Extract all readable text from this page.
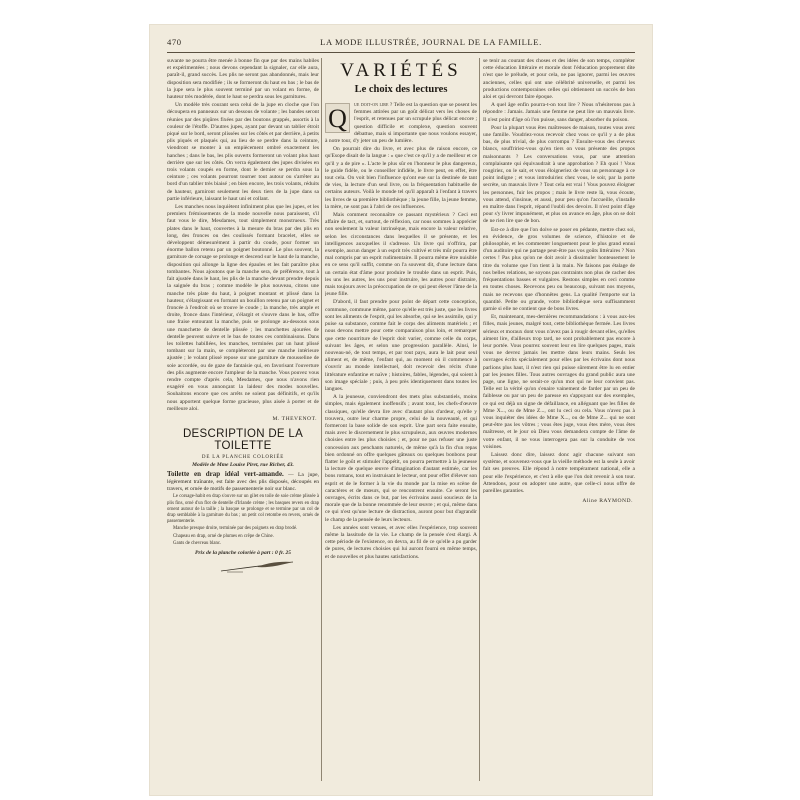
470	LA MODE ILLUSTRÉE, JOURNAL DE LA FAMILLE.

suvante ne pourra être menée à bonne fin que par des mains habiles et expérimentées ; nous devons cependant la signaler, car elle aura, paraît-il, grand succès. Les plis ne seront pas abandonnés, mais leur disposition sera modifiée ; ils se formeront du haut en bas ; le bas de la jupe sera le plus souvent terminé par un volant en forme, de hauteur très modérée, dont le haut se perdra sous les garnitures.

Un modèle très courant sera celui de la jupe en cloche que l'on découpera en panneaux sur un dessous de volante ; les bandes seront réunies par des piqûres fixées par des boutons grappés, assortis à la couleur de l'étoffe. D'autres jupes, ayant par devant un tablier étroit piqué sur le bord, seront plissées sur les côtés et par derrière, à petits plis piqués et plaqués qui, au lieu de se perdre dans la ceinture, viendront se monter à un empiècement ombré exactement les hanches ; dans le bas, les plis ouverts formeront un volant plus haut derrière que sur les côtés. On verra également des jupes divisées en trois volants coupés en forme, dont le dernier se perdra sous la ceinture ; ces volants pourront tourner tout autour ou s'arrêter au bord d'un tablier très biaisé ; en bien encore, les trois volants, réduits de hauteur, garniront seulement les deux tiers de la jupe dans sa partie inférieure, laissant le haut uni et collant.

Les manches nous inquiètent infiniment plus que les jupes, et les premiers frémissements de la mode nouvelle nous paraissent, s'il faut vous le dire, Mesdames, tout simplement monstrueux. Très plates dans le haut, couvertes à la mesure du bras par des plis en long, des fronces ou des coulissés formant bracelet, elles se développent démesurément à partir du coude, pour former un énorme ballon retenu par un poignet boutonné. Le plus souvent, la garniture de corsage se prolonge et descend sur le haut de la manche, disposition qui allonge la ligne des épaules et les fait paraître plus tombantes. Nous ajoutons que la manche sera, de préférence, tout à fait ajustée dans le haut, les plis de la manche devant prendre depuis la saignée du bras ; comme modèle le plus nouveau, citons une manche très plate du haut, à poignet montant et plissé dans la hauteur, s'élargissant en formant un bouillon retenu par un poignet et froncée à l'endroit où se trouve le coude ; la manche, très ample et droite, fronce dans l'intérieur, s'élargit et s'ouvre dans le bas, offre une fraise entourant la manche, puis se prolonge au-dessous sous une manchette de dentelle plissée ; les manchettes ajourées de dentelle peuvent suivre et le bas de toutes ces combinaisons. Dans les toilettes habillées, les manches, terminées par un haut plissé tombant sur la main, se compléteront par une manche intérieure ajustée ; le volant plissé repose sur une garniture de mousseline de soie accordée, ou de gaze de fantaisie qui, en favorisant l'ouverture des plis augmente encore l'ampleur de la manche. Vous pouvez vous rendre compte d'après cela, Mesdames, que nous n'avons rien exagéré en vous annonçant la laideur des modes nouvelles. Souhaitons encore que ces arrêts ne soient pas définitifs, et qu'ils nous apportent quelque forme gracieuse, plus aisée à porter et de meilleure aloi.

M. THEVENOT.
DESCRIPTION DE LA TOILETTE
DE LA PLANCHE COLORIÉE
Modèle de Mme Louise Piret, rue Richer, 43.

Toilette en drap idéal vert-amande. — La jupe, légèrement traînante, est faite avec des plis disposés, découpés en travers, et ornée de motifs de passementerie noir sur blanc.

Le corsage-habit en drap s'ouvre sur un gilet en toile de soie crème plissée à plis fins, orné d'un flot de dentelle d'Irlande crème ; les basques revers en drap ornent autour de la taille ; la basque se prolonge et se termine par un col de drap semblable à la garniture du bas ; un petit col retombe en revers, ornés de passementerie.

Manche presque droite, terminée par des poignets en drap brodé.

Chapeau en drap, orné de plumes en crêpe de Chine.

Gants de chevreau blanc.

Prix de la planche coloriée à part : 0 fr. 25
VARIÉTÉS
Le choix des lectures
Q	ue doit-on lire ? Telle est la question que se posent les femmes attirées par un goût délicat vers les choses de l'esprit, et retenues par un scrupule plus délicat encore ; question difficile et complexe, question souvent débattue, mais si importante que nous voulons essayer, à notre tour, d'y jeter un peu de lumière.

On pourrait dire du livre, et avec plus de raison encore, ce qu'Esope disait de la langue : « que c'est ce qu'il y a de meilleur et ce qu'il y a de pire ». L'acte le plus sûr en l'honneur le plus dangereux, le guide fidèle, ou le conseiller infidèle, le livre peut, en effet, être tout cela. On voit bien l'influence qu'ont eue sur la destinée de tant de vies, la lecture d'un seul livre, ou la fréquentation habituelle de certains auteurs. Voilà le monde tel qu'il apparaît à l'enfant à travers les livres de sa première bibliothèque ; la jeune fille, la jeune femme, la mère, ne sont pas à l'abri de ces influences.

Mais comment reconnaître ce passant mystérieux ? Ceci est affaire de tact, et, surtout, de réflexion, car nous sommes à apprécier non seulement la valeur intrinsèque, mais encore la valeur relative, selon les circonstances dans lesquelles il se présente, et les intelligences auxquelles il s'adresse. Un livre qui n'offrira, par exemple, aucun danger à un esprit très cultivé et très mûr pourra être mal compris par un esprit rudimentaire. Il pourra même être nuisible en ce sens qu'il suffit, comme on l'a souvent dit, d'une lecture dans un certain état d'âme pour produire le trouble dans un esprit. Puis, les uns les autres, les uns pour instruire, les autres pour distraire, mais toujours avec la préoccupation de ce qui peut élever l'âme de la jeune fille.

D'abord, il faut prendre pour point de départ cette conception, commune, commune même, parce qu'elle est très juste, que les livres sont les aliments de l'esprit, qui les absorbe, qui se les assimile, qui y puise sa substance, comme fait le corps des aliments matériels ; et nous devons mettre pour cette comparaison plus loin, et remarquer que cette nourriture de l'esprit doit varier, comme celle du corps, suivant les âges, et selon une progression parallèle. Ainsi, le nouveau-né, de tout temps, et par tout pays, aura le lait pour seul aliment et, de même, l'enfant qui, au moment où il commence à s'ouvrir au monde intellectuel, doit recevoir des récits d'une littérature enfantine et naïve ; histoires, fables, légendes, qui soient à son image spéciale ; puis, à peu près identiquement dans toutes les langues.

A la jeunesse, conviendront des mets plus substantiels, moins simples, mais également inoffensifs ; avant tout, les chefs-d'œuvre classiques, qu'elle devra lire avec d'autant plus d'ardeur, qu'elle y trouvera, outre leur charme propre, celui de la nouveauté, et qui formeront la base solide de son esprit. Une part sera faite ensuite, mais avec le discernement le plus scrupuleux, aux œuvres modernes choisies entre les plus choisies ; et, pour ne pas refuser une juste concession aux penchants naturels, de même qu'à la fin d'un repas bien ordonné on offre quelques gâteaux ou quelques bonbons pour flatter le goût et stimuler l'appétit, on pourra permettre à la jeunesse la lecture de quelque œuvre d'imagination d'autant estimée, car les bons romans, tout en instruisant le lecteur, ont pour effet d'élever son esprit et de le former à la vie du monde par la mise en scène de caractères et de mœurs, qui se rencontrent ensuite. Ce seront les ouvrages, écrits dans ce but, par les écrivains aussi soucieux de la morale que de la bonne renommée de leur œuvre ; et qui, même dans ce qui n'est qu'une lecture de distraction, auront pour but d'agrandir le champ de la pensée de leurs lecteurs.

Les années sont venues, et avec elles l'expérience, trop souvent même la lassitude de la vie. Le champ de la pensée s'est élargi. A cette période de l'existence, on devra, au fil de ce qu'elle a pu garder de pures, de lectures choisies qui lui auront fourni en même temps, et de nouvelles et plus hautes satisfactions.

se tenir au courant des choses et des idées de son temps, compléter cette éducation littéraire et morale dont l'éducation proprement dite n'est que le prélude, et pour cela, ne pas ignorer, parmi les œuvres anciennes, celles qui ont une célébrité universelle, et parmi les productions contemporaines celles qui obtiennent un succès de bon aloi et qui devront faire époque.

A quel âge enfin pourra-t-on tout lire ? Nous n'hésiterons pas à répondre : Jamais. Jamais une femme ne peut lire un mauvais livre. Il n'est point d'âge où l'on puisse, sans danger, absorber du poison.

Pour la plupart vous êtes maîtresses de maison, toutes vous avez une famille. Voudriez-vous recevoir chez vous ce qu'il y a de plus bas, de plus trivial, de plus corrompu ? Ensuite-vous des cheveux blancs, souffririez-vous qu'en tiers on vous présente des propos malsonnants ? Les conversations vous, par une attention complaisante qui équivaudrait à une approbation ? Eh quoi ! Vous rougiriez, on le sait, et vous éloigneriez de vous un personnage à ce point indigne ; et vous introduiriez chez vous, le soir, par la porte secrète, un mauvais livre ? Tout cela est vrai ! Vous pouvez éloigner les personnes, fuir les propos ; mais le livre reste là, vous écoute, vous attend, s'insinue, et aussi, pour peu qu'on l'accueille, s'installe en maître dans l'esprit, répand l'oubli des devoirs. Il n'est point d'âge pour s'y livrer impunément, et plus on avance en âge, plus on se doit de ne rien lire que de bon.

Est-ce à dire que l'on doive se poser en pédante, mettre chez soi, en évidence, de gros volumes de science, d'histoire et de philosophie, et les commenter longuement pour le plus grand ennui d'un auditoire qui ne partage peut-être pas vos goûts littéraires ? Non certes ! Pas plus qu'on ne doit avoir à dissimuler honteusement le titre du volume que l'on tient à la main. Ne faisons pas étalage de nos belles relations, ne soyons pas contraints non plus de cacher des fréquentations basses et vulgaires. Restons simples en ceci comme en toutes choses. Recevons peu ou beaucoup, suivant nos moyens, mais ne recevons que d'honnêtes gens. La qualité l'emporte sur la quantité. Petite ou grande, votre bibliothèque sera suffisamment garnie si elle ne contient que de bons livres.

Et, maintenant, mes-dernières recommandations : à vous aux-les filles, mais jeunes, malgré tout, cette bibliothèque fermée. Les livres sérieux et moraux dont vous n'avez pas à rougir devant elles, qu'elles aiment lire, d'ailleurs trop tard, ne sont probablement pas encore à leur portée. Vous pourrez souvent leur en lire quelques pages, mais vous ne devrez jamais les mettre dans leurs mains. Seuls les ouvrages écrits spécialement pour elles par les écrivains dont nous parlions plus haut, il n'est rien qui puisse sûrement être lu en entier par les jeunes filles. Tous autres ouvrages du grand public aura une page, une ligne, ne serait-ce qu'un mot qui ne leur convient pas. Telle est la vérité qu'on s'enaire vainement de farder par un peu de faiblesse ou par un peu de paresse en s'appuyant sur des exemples, ce qui est déjà un signe de défaillance, en alléguant que les filles de Mme X..., ou de Mme Z..., ont lu ceci ou cela. Vous n'avez pas à vous inquiéter des idées de Mme X..., ou de Mme Z... qui ne sont peut-être pas les vôtres ; vous êtes juge, vous êtes mère, vous êtes maîtresse, et le jour où Dieu vous demandera compte de l'âme de votre enfant, il ne vous interrogera pas sur la conduite de vos voisines.

Laissez donc dire, laissez donc agir chacune suivant son système, et souvenez-vous que la vieille méthode est la seule à avoir fait ses preuves. Elle répond à notre tempérament national, elle a pour elle l'expérience, et c'est à elle que l'on doit revenir à son tour. Attendons, pour en adopter une autre, que celle-ci nous offre de pareilles garanties.

Aline RAYMOND.
